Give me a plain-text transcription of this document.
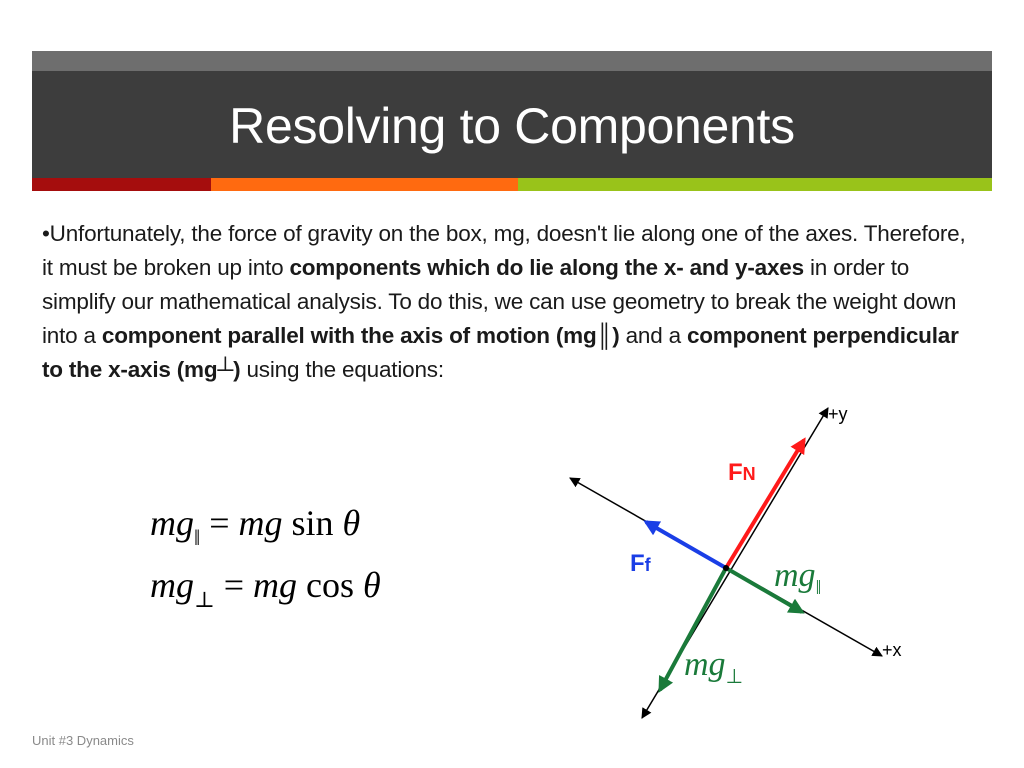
Resolving to Components
•Unfortunately, the force of gravity on the box, mg, doesn't lie along one of the axes. Therefore, it must be broken up into components which do lie along the x- and y-axes in order to simplify our mathematical analysis. To do this, we can use geometry to break the weight down into a component parallel with the axis of motion (mg║) and a component perpendicular to the x-axis (mg┴) using the equations:
$mg_‖$ = mg sin θ
$mg_\perp$ = mg cos θ
+y
+x
FN
Ff	$mg_‖$
$mg_\perp$
Unit #3 Dynamics
